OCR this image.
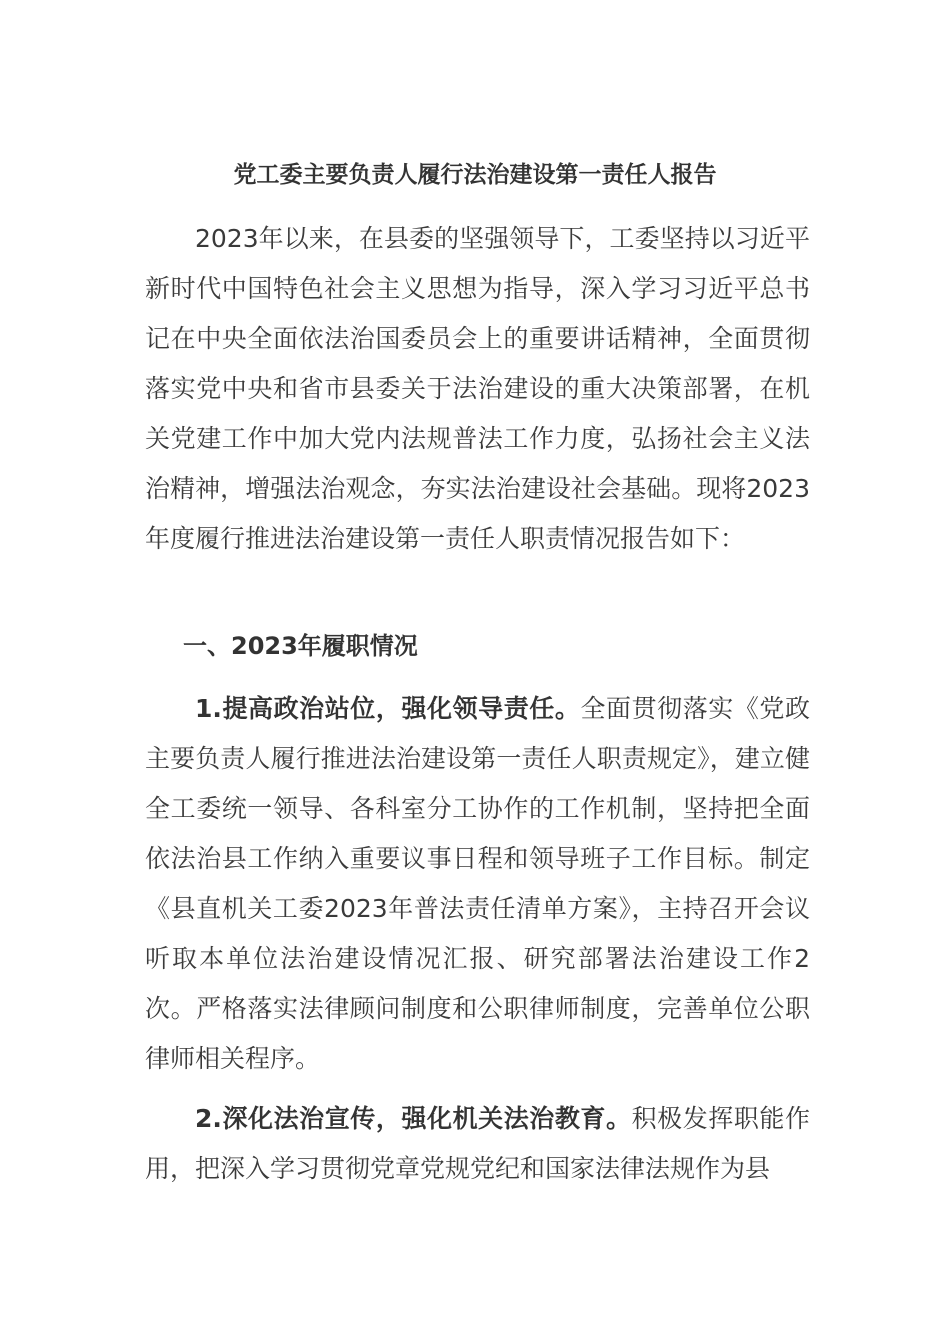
党工委主要负责人履行法治建设第一责任人报告
2023年以来，在县委的坚强领导下，工委坚持以习近平新时代中国特色社会主义思想为指导，深入学习习近平总书记在中央全面依法治国委员会上的重要讲话精神，全面贯彻落实党中央和省市县委关于法治建设的重大决策部署，在机关党建工作中加大党内法规普法工作力度，弘扬社会主义法治精神，增强法治观念，夯实法治建设社会基础。现将2023年度履行推进法治建设第一责任人职责情况报告如下：
一、2023年履职情况
1.提高政治站位，强化领导责任。全面贯彻落实《党政主要负责人履行推进法治建设第一责任人职责规定》，建立健全工委统一领导、各科室分工协作的工作机制，坚持把全面依法治县工作纳入重要议事日程和领导班子工作目标。制定《县直机关工委2023年普法责任清单方案》，主持召开会议听取本单位法治建设情况汇报、研究部署法治建设工作2次。严格落实法律顾问制度和公职律师制度，完善单位公职律师相关程序。
2.深化法治宣传，强化机关法治教育。积极发挥职能作用，把深入学习贯彻党章党规党纪和国家法律法规作为县
